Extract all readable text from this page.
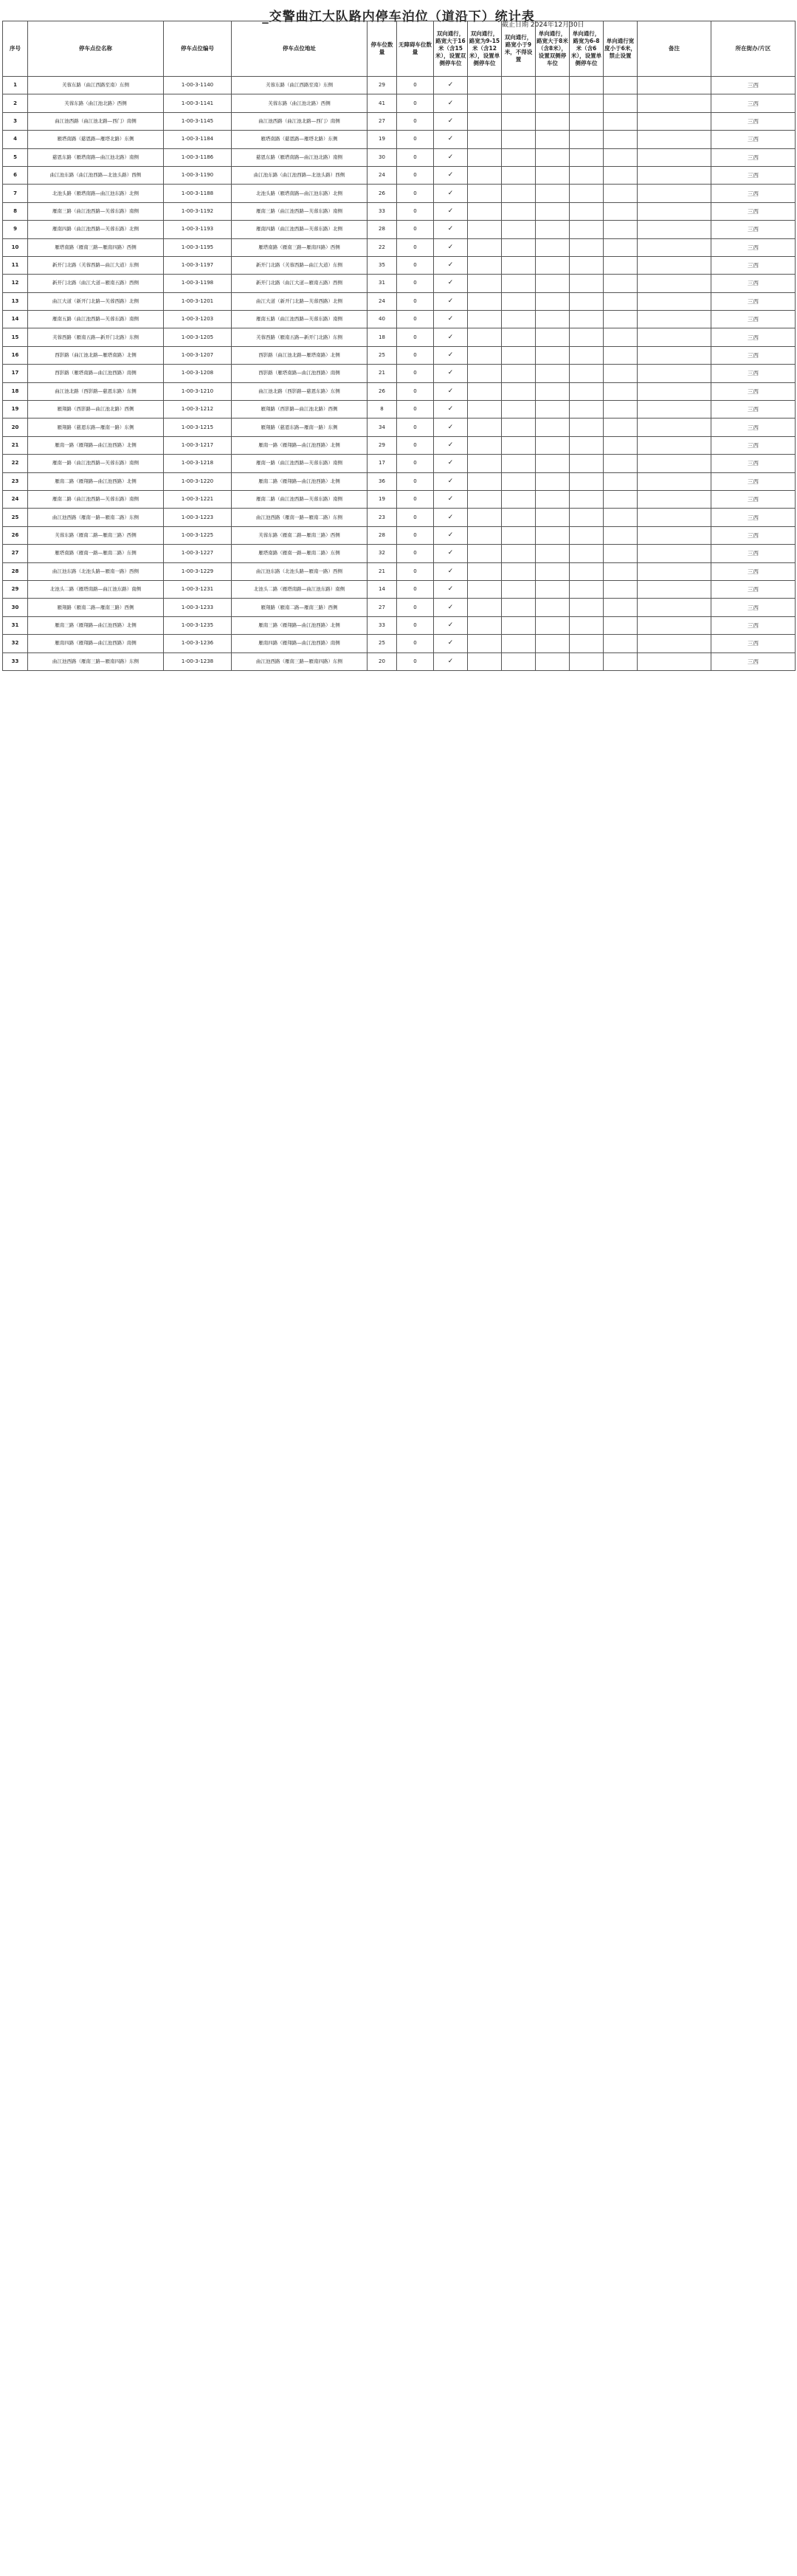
_交警曲江大队路内停车泊位（道沿下）统计表
截止日期 2024年12月30日
序号	停车点位名称	停车点位编号	停车点位地址	停车位数量	无障碍车位数量	双向通行，路宽大于16米（含15米），设置双侧停车位	双向通行，路宽为9-15米（含12米），设置单侧停车位	双向通行，路宽小于9米，不得设置	单向通行，路宽大于8米（含8米），设置双侧停车位	单向通行，路宽为6-8米（含6米），设置单侧停车位	单向通行宽度小于6米，禁止设置	备注	所在街办/片区
1	芙蓉东路（曲江西路至南）东侧	1-00-3-1140	芙蓉东路（曲江西路至南）东侧	29	0	✓							三西
2	芙蓉东路（曲江池北路）西侧	1-00-3-1141	芙蓉东路（曲江池北路）西侧	41	0	✓							三西
3	曲江池西路（曲江池北路—西门）南侧	1-00-3-1145	曲江池西路（曲江池北路—西门）南侧	27	0	✓							三西
4	雁塔南路（慈恩路—雁塔北路）东侧	1-00-3-1184	雁塔南路（慈恩路—雁塔北路）东侧	19	0	✓							三西
5	慈恩东路（雁塔南路—曲江池北路）南侧	1-00-3-1186	慈恩东路（雁塔南路—曲江池北路）南侧	30	0	✓							三西
6	曲江池东路（曲江池西路—北池头路）西侧	1-00-3-1190	曲江池东路（曲江池西路—北池头路）西侧	24	0	✓							三西
7	北池头路（雁塔南路—曲江池东路）北侧	1-00-3-1188	北池头路（雁塔南路—曲江池东路）北侧	26	0	✓							三西
8	雁南三路（曲江池西路—芙蓉东路）南侧	1-00-3-1192	雁南三路（曲江池西路—芙蓉东路）南侧	33	0	✓							三西
9	雁南四路（曲江池西路—芙蓉东路）北侧	1-00-3-1193	雁南四路（曲江池西路—芙蓉东路）北侧	28	0	✓							三西
10	雁塔南路（雁南三路—雁南四路）西侧	1-00-3-1195	雁塔南路（雁南三路—雁南四路）西侧	22	0	✓							三西
11	新开门北路（芙蓉西路—曲江大道）东侧	1-00-3-1197	新开门北路（芙蓉西路—曲江大道）东侧	35	0	✓							三西
12	新开门北路（曲江大道—雁南五路）西侧	1-00-3-1198	新开门北路（曲江大道—雁南五路）西侧	31	0	✓							三西
13	曲江大道（新开门北路—芙蓉西路）北侧	1-00-3-1201	曲江大道（新开门北路—芙蓉西路）北侧	24	0	✓							三西
14	雁南五路（曲江池西路—芙蓉东路）南侧	1-00-3-1203	雁南五路（曲江池西路—芙蓉东路）南侧	40	0	✓							三西
15	芙蓉西路（雁南五路—新开门北路）东侧	1-00-3-1205	芙蓉西路（雁南五路—新开门北路）东侧	18	0	✓							三西
16	西影路（曲江池北路—雁塔南路）北侧	1-00-3-1207	西影路（曲江池北路—雁塔南路）北侧	25	0	✓							三西
17	西影路（雁塔南路—曲江池西路）南侧	1-00-3-1208	西影路（雁塔南路—曲江池西路）南侧	21	0	✓							三西
18	曲江池北路（西影路—慈恩东路）东侧	1-00-3-1210	曲江池北路（西影路—慈恩东路）东侧	26	0	✓							三西
19	雁翔路（西影路—曲江池北路）西侧	1-00-3-1212	雁翔路（西影路—曲江池北路）西侧	8	0	✓							三西
20	雁翔路（慈恩东路—雁南一路）东侧	1-00-3-1215	雁翔路（慈恩东路—雁南一路）东侧	34	0	✓							三西
21	雁南一路（雁翔路—曲江池西路）北侧	1-00-3-1217	雁南一路（雁翔路—曲江池西路）北侧	29	0	✓							三西
22	雁南一路（曲江池西路—芙蓉东路）南侧	1-00-3-1218	雁南一路（曲江池西路—芙蓉东路）南侧	17	0	✓							三西
23	雁南二路（雁翔路—曲江池西路）北侧	1-00-3-1220	雁南二路（雁翔路—曲江池西路）北侧	36	0	✓							三西
24	雁南二路（曲江池西路—芙蓉东路）南侧	1-00-3-1221	雁南二路（曲江池西路—芙蓉东路）南侧	19	0	✓							三西
25	曲江池西路（雁南一路—雁南二路）东侧	1-00-3-1223	曲江池西路（雁南一路—雁南二路）东侧	23	0	✓							三西
26	芙蓉东路（雁南二路—雁南三路）西侧	1-00-3-1225	芙蓉东路（雁南二路—雁南三路）西侧	28	0	✓							三西
27	雁塔南路（雁南一路—雁南二路）东侧	1-00-3-1227	雁塔南路（雁南一路—雁南二路）东侧	32	0	✓							三西
28	曲江池东路（北池头路—雁南一路）西侧	1-00-3-1229	曲江池东路（北池头路—雁南一路）西侧	21	0	✓							三西
29	北池头二路（雁塔南路—曲江池东路）南侧	1-00-3-1231	北池头二路（雁塔南路—曲江池东路）南侧	14	0	✓							三西
30	雁翔路（雁南二路—雁南三路）西侧	1-00-3-1233	雁翔路（雁南二路—雁南三路）西侧	27	0	✓							三西
31	雁南三路（雁翔路—曲江池西路）北侧	1-00-3-1235	雁南三路（雁翔路—曲江池西路）北侧	33	0	✓							三西
32	雁南四路（雁翔路—曲江池西路）南侧	1-00-3-1236	雁南四路（雁翔路—曲江池西路）南侧	25	0	✓							三西
33	曲江池西路（雁南三路—雁南四路）东侧	1-00-3-1238	曲江池西路（雁南三路—雁南四路）东侧	20	0	✓							三西
